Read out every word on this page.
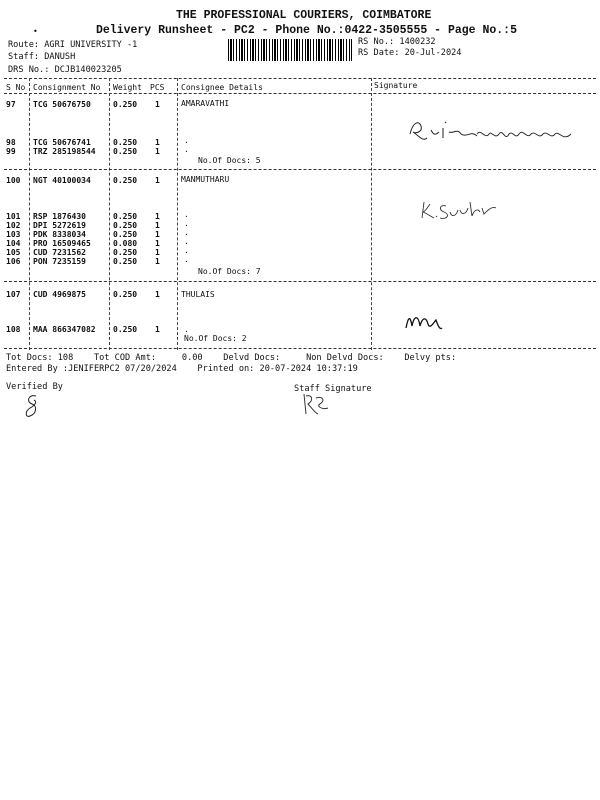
THE PROFESSIONAL COURIERS, COIMBATORE
Delivery Runsheet - PC2 - Phone No.:0422-3505555 - Page No.:5
•
Route: AGRI UNIVERSITY -1
Staff: DANUSH
DRS No.: DCJB140023205
RS No.: 1400232
RS Date: 20-Jul-2024
S No Consignment No Weight PCS Consignee Details	Signature
97 TCG 50676750	0.250 1	AMARAVATHI
98 TCG 50676741	0.250 1	.
99 TRZ 285198544 0.250 1	.
No.Of Docs: 5
100 NGT 40100034	0.250 1	MANMUTHARU
101 RSP 1876430	0.250 1	.
102 DPI 5272619	0.250 1	.
103 PDK 8338034	0.250 1	.
104 PRO 16509465	0.080 1	.
105 CUD 7231562	0.250 1	.
106 PON 7235159	0.250 1	.
No.Of Docs: 7
107 CUD 4969875	0.250 1	THULAIS
108 MAA 866347082 0.250 1	.
No.Of Docs: 2
Tot Docs: 108    Tot COD Amt:     0.00    Delvd Docs:     Non Delvd Docs:    Delvy pts:
Entered By :JENIFERPC2 07/20/2024    Printed on: 20-07-2024 10:37:19
Verified By	Staff Signature
